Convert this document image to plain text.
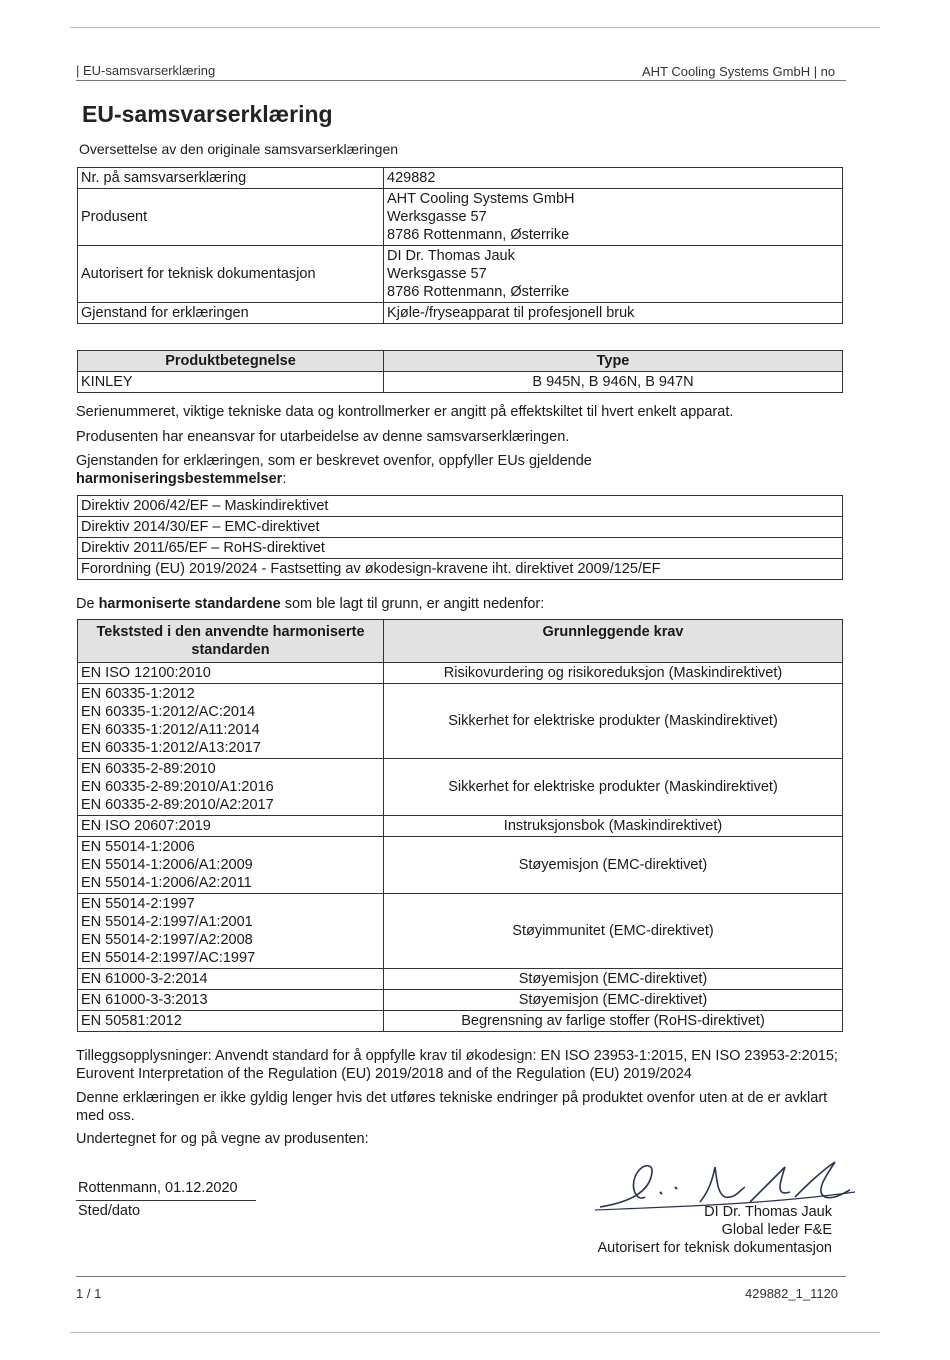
| EU-samsvarserklæring	AHT Cooling Systems GmbH | no
EU-samsvarserklæring
Oversettelse av den originale samsvarserklæringen
Nr. på samsvarserklæring	429882

Produsent	AHT Cooling Systems GmbH
Werksgasse 57
8786 Rottenmann, Østerrike

Autorisert for teknisk dokumentasjon	DI Dr. Thomas Jauk
Werksgasse 57
8786 Rottenmann, Østerrike

Gjenstand for erklæringen	Kjøle-/fryseapparat til profesjonell bruk
Produktbetegnelse	Type
KINLEY	B 945N, B 946N, B 947N
Serienummeret, viktige tekniske data og kontrollmerker er angitt på effektskiltet til hvert enkelt apparat.
Produsenten har eneansvar for utarbeidelse av denne samsvarserklæringen.
Gjenstanden for erklæringen, som er beskrevet ovenfor, oppfyller EUs gjeldende
harmoniseringsbestemmelser:
Direktiv 2006/42/EF – Maskindirektivet
Direktiv 2014/30/EF – EMC-direktivet
Direktiv 2011/65/EF – RoHS-direktivet
Forordning (EU) 2019/2024 - Fastsetting av økodesign-kravene iht. direktivet 2009/125/EF
De harmoniserte standardene som ble lagt til grunn, er angitt nedenfor:
Tekststed i den anvendte harmoniserte standarden	Grunnleggende krav

EN ISO 12100:2010	Risikovurdering og risikoreduksjon (Maskindirektivet)

EN 60335-1:2012
EN 60335-1:2012/AC:2014
EN 60335-1:2012/A11:2014
EN 60335-1:2012/A13:2017	Sikkerhet for elektriske produkter (Maskindirektivet)

EN 60335-2-89:2010
EN 60335-2-89:2010/A1:2016
EN 60335-2-89:2010/A2:2017	Sikkerhet for elektriske produkter (Maskindirektivet)

EN ISO 20607:2019	Instruksjonsbok (Maskindirektivet)

EN 55014-1:2006
EN 55014-1:2006/A1:2009
EN 55014-1:2006/A2:2011	Støyemisjon (EMC-direktivet)

EN 55014-2:1997
EN 55014-2:1997/A1:2001
EN 55014-2:1997/A2:2008
EN 55014-2:1997/AC:1997	Støyimmunitet (EMC-direktivet)

EN 61000-3-2:2014	Støyemisjon (EMC-direktivet)

EN 61000-3-3:2013	Støyemisjon (EMC-direktivet)

EN 50581:2012	Begrensning av farlige stoffer (RoHS-direktivet)
Tilleggsopplysninger: Anvendt standard for å oppfylle krav til økodesign: EN ISO 23953-1:2015, EN ISO 23953-2:2015; Eurovent Interpretation of the Regulation (EU) 2019/2018 and of the Regulation (EU) 2019/2024
Denne erklæringen er ikke gyldig lenger hvis det utføres tekniske endringer på produktet ovenfor uten at de er avklart med oss.
Undertegnet for og på vegne av produsenten:
Rottenmann, 01.12.2020
Sted/dato	DI Dr. Thomas Jauk
Global leder F&E
Autorisert for teknisk dokumentasjon
1 / 1	429882_1_1120
